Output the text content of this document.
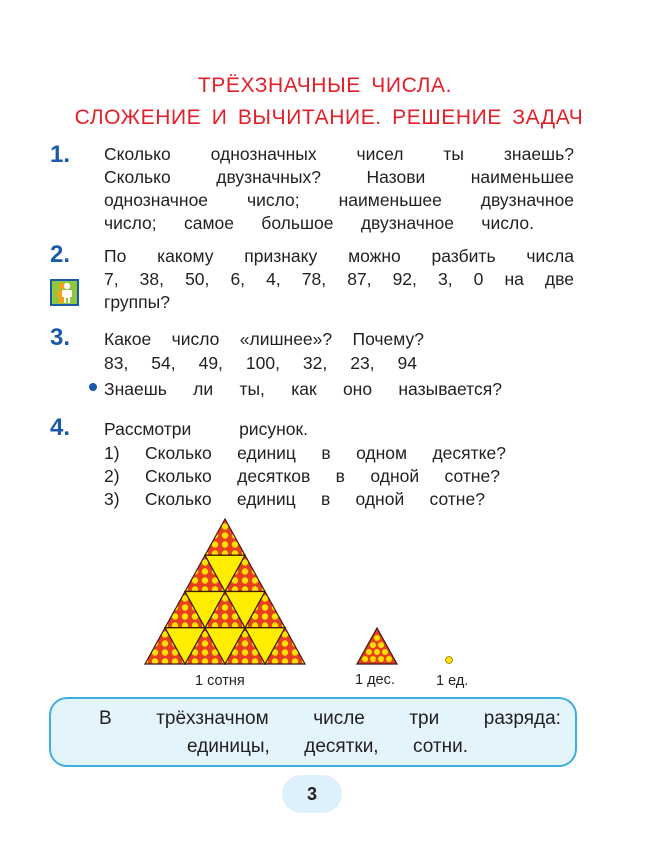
ТРЁХЗНАЧНЫЕ ЧИСЛА.
СЛОЖЕНИЕ И ВЫЧИТАНИЕ. РЕШЕНИЕ ЗАДАЧ
1. Сколько однозначных чисел ты знаешь?
Сколько	двузначных?	Назови	наименьшее
однозначное число; наименьшее двузначное
число; самое большое двузначное число.
2. По какому признаку можно разбить числа
7, 38, 50, 6, 4, 78, 87, 92, 3, 0 на две
группы?
3. Какое число «лишнее»? Почему?
83, 54, 49, 100, 32, 23, 94
Знаешь ли ты, как оно называется?
4. Рассмотри	рисунок.
1) Сколько единиц в одном десятке?
2) Сколько десятков в одной сотне?
3) Сколько единиц в одной сотне?
1 сотня	1 дес.	1 ед.
В трёхзначном числе три разряда:
единицы, десятки, сотни.
3
